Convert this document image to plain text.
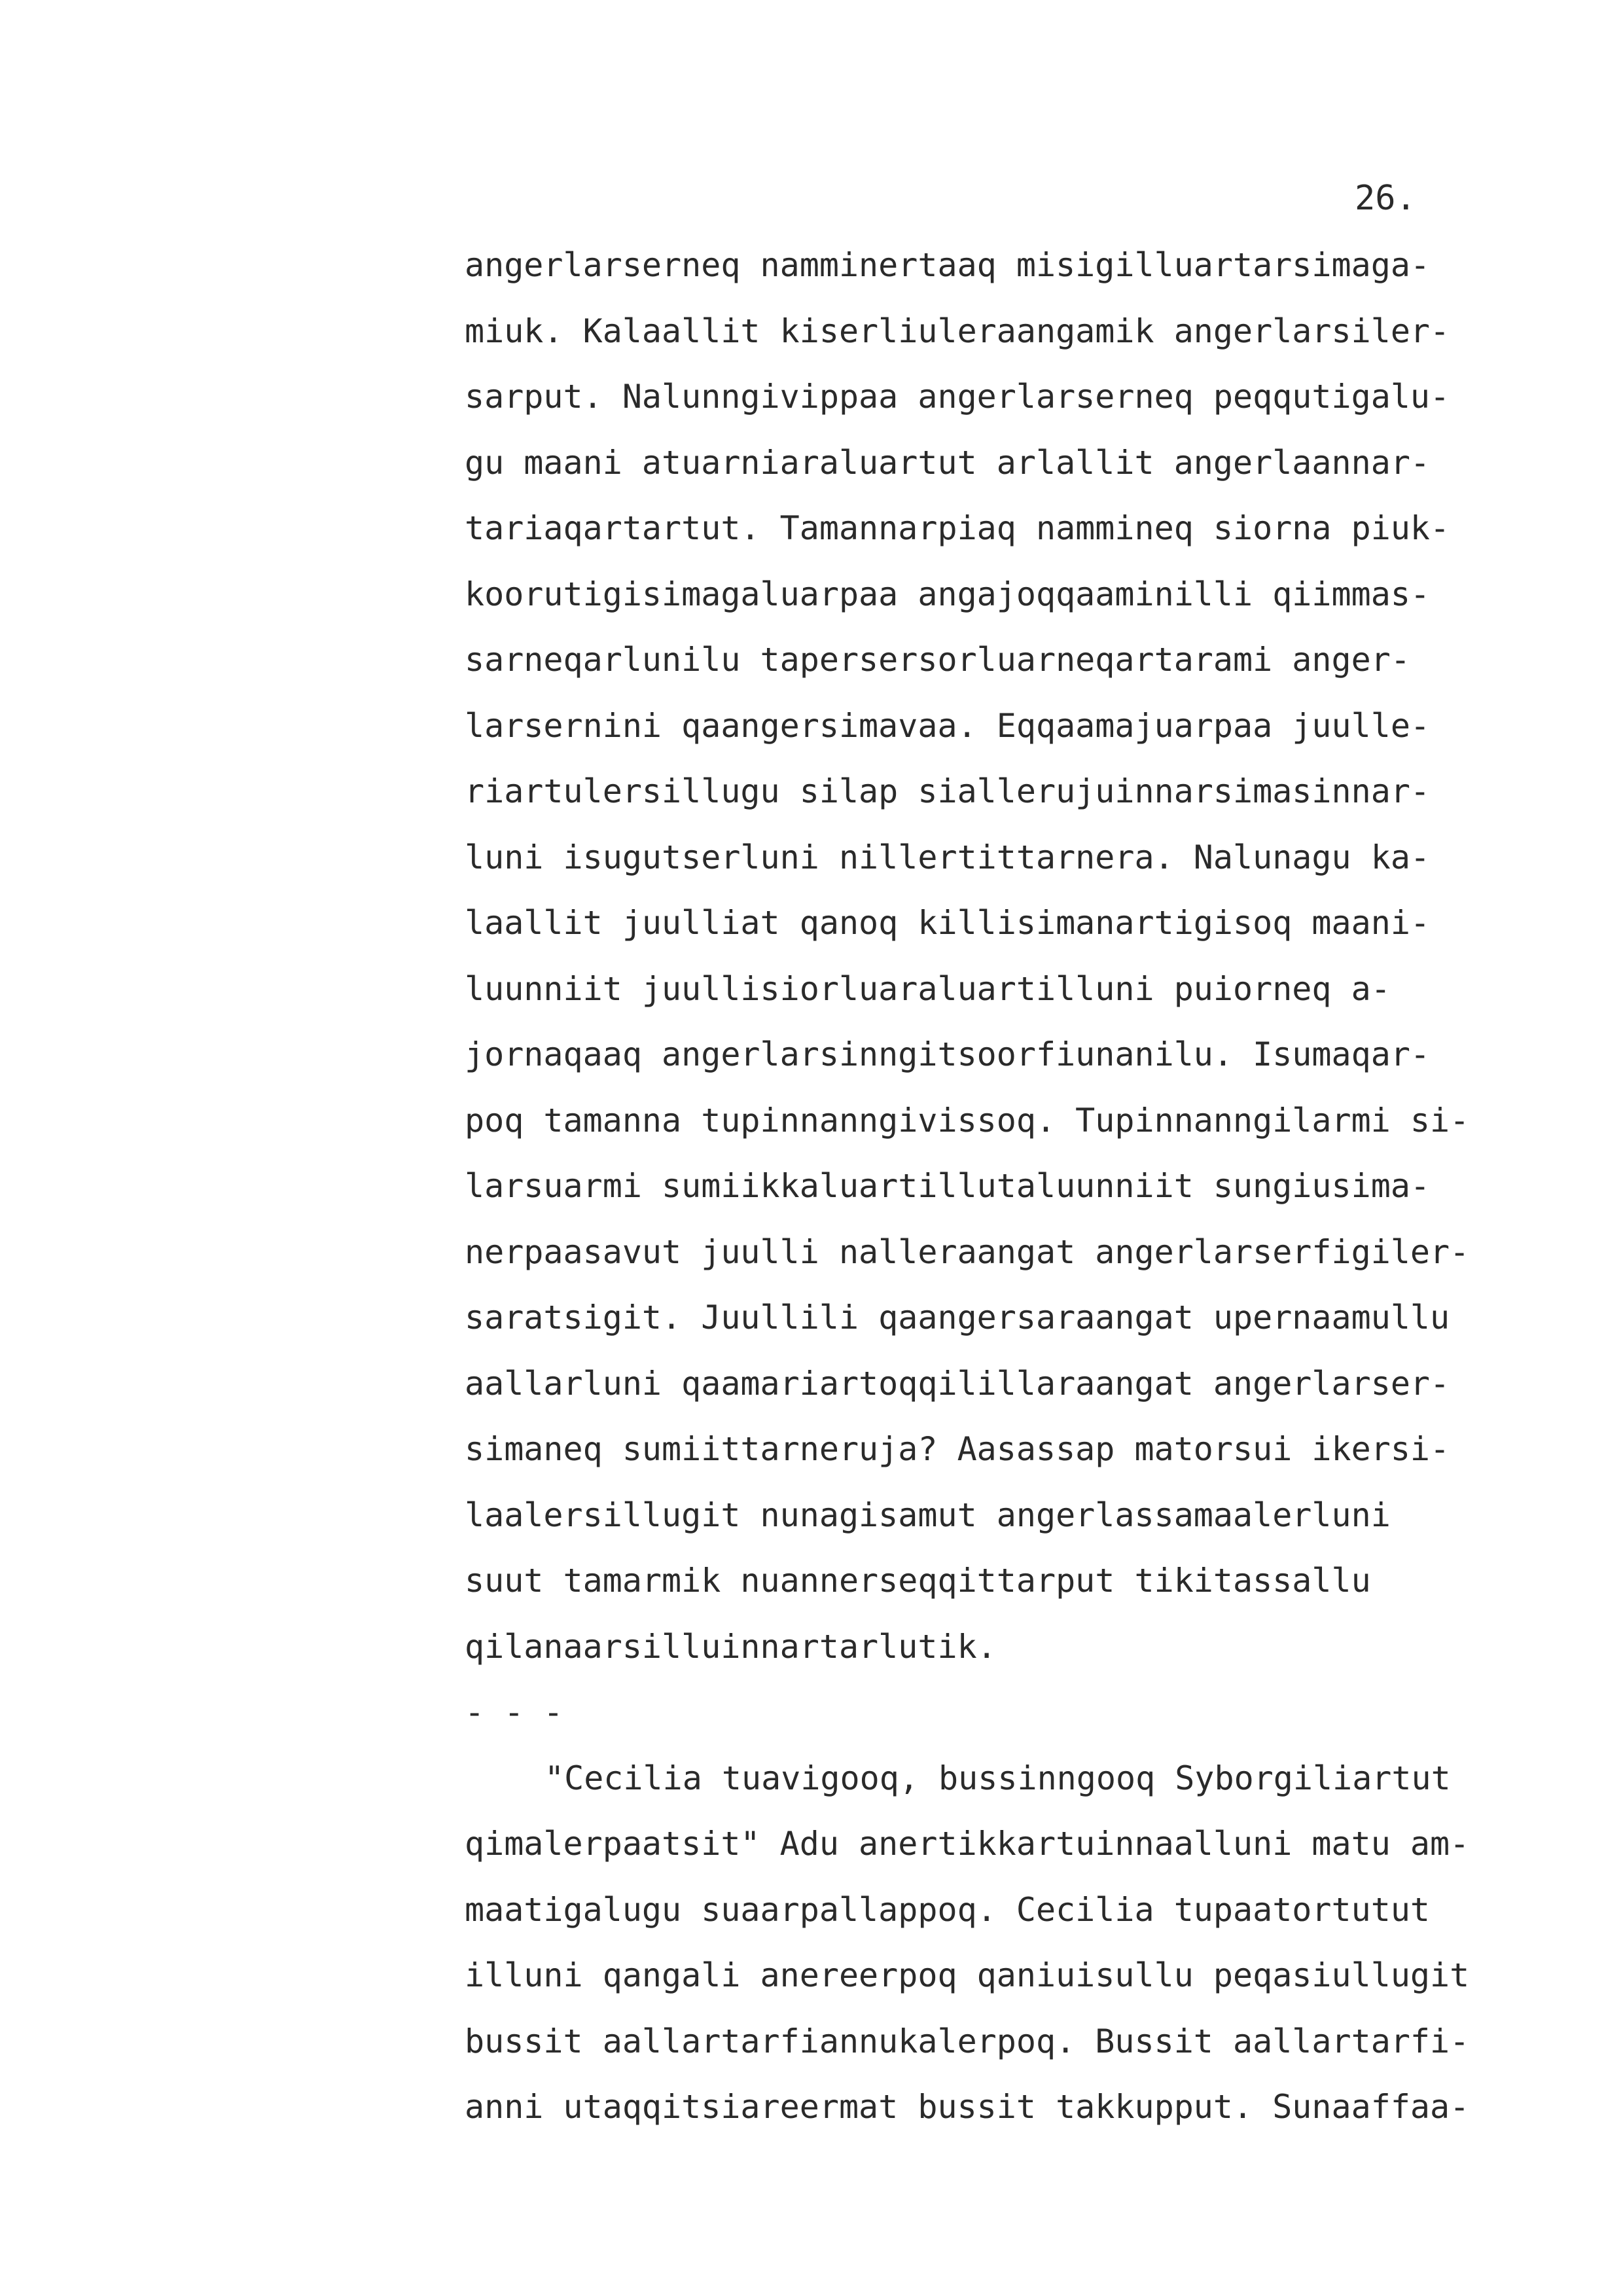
26.
angerlarserneq namminertaaq misigilluartarsimaga-
miuk. Kalaallit kiserliuleraangamik angerlarsiler-
sarput. Nalunngivippaa angerlarserneq peqqutigalu-
gu maani atuarniaraluartut arlallit angerlaannar-
tariaqartartut. Tamannarpiaq nammineq siorna piuk-
koorutigisimagaluarpaa angajoqqaaminilli qiimmas-
sarneqarlunilu tapersersorluarneqartarami anger-
larsernini qaangersimavaa. Eqqaamajuarpaa juulle-
riartulersillugu silap siallerujuinnarsimasinnar-
luni isugutserluni nillertittarnera. Nalunagu ka-
laallit juulliat qanoq killisimanartigisoq maani-
luunniit juullisiorluaraluartilluni puiorneq a-
jornaqaaq angerlarsinngitsoorfiunanilu. Isumaqar-
poq tamanna tupinnanngivissoq. Tupinnanngilarmi si-
larsuarmi sumiikkaluartillutaluunniit sungiusima-
nerpaasavut juulli nalleraangat angerlarserfigiler-
saratsigit. Juullili qaangersaraangat upernaamullu
aallarluni qaamariartoqqilillaraangat angerlarser-
simaneq sumiittarneruja? Aasassap matorsui ikersi-
laalersillugit nunagisamut angerlassamaalerluni
suut tamarmik nuannerseqqittarput tikitassallu
qilanaarsilluinnartarlutik.
- - -
"Cecilia tuavigooq, bussinngooq Syborgiliartut
qimalerpaatsit" Adu anertikkartuinnaalluni matu am-
maatigalugu suaarpallappoq. Cecilia tupaatortutut
illuni qangali anereerpoq qaniuisullu peqasiullugit
bussit aallartarfiannukalerpoq. Bussit aallartarfi-
anni utaqqitsiareermat bussit takkupput. Sunaaffaa-
